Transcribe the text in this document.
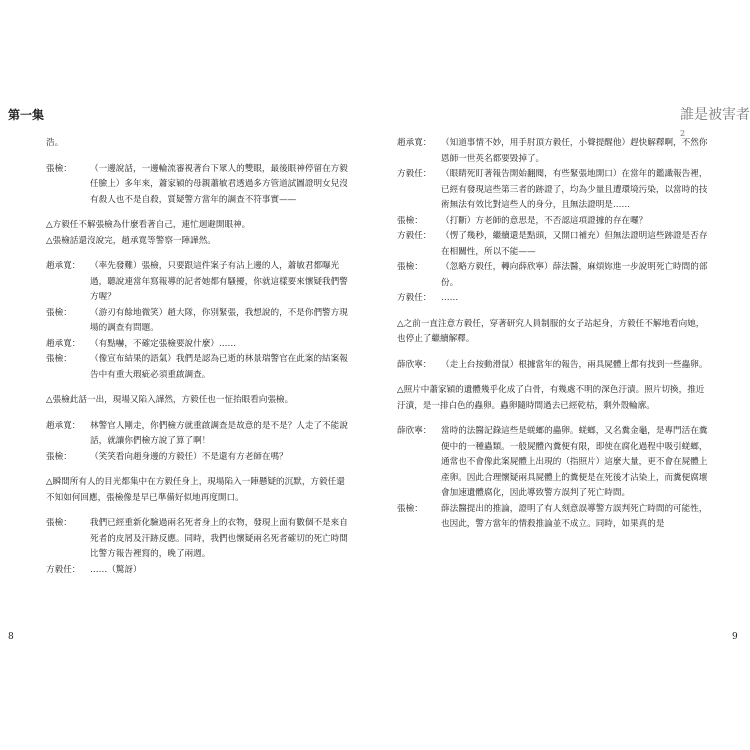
第一集

浩。

張檢：	（一邊說話，一邊輪流審視著台下眾人的雙眼，最後眼神停留在方毅任臉上）多年來，蕭家穎的母親蕭敏君透過多方管道試圖證明女兒沒有殺人也不是自殺，質疑警方當年的調查不符事實——

△方毅任不解張檢為什麼看著自己，連忙迴避開眼神。

△張檢話還沒說完，趙承寬等警察一陣譁然。

趙承寬：	（率先發難）張檢，只要跟這件案子有沾上邊的人，蕭敏君都曝光過，聽說連當年寫報導的記者她都有騷擾，你就這樣要來懷疑我們警方喔？
張檢：	（游刃有餘地微笑）趙大隊，你別緊張，我想說的，不是你們警方現場的調查有問題。
趙承寬：	（有點嚇，不確定張檢要說什麼）……
張檢：	（像宣布結果的語氣）我們是認為已逝的林景瑞警官在此案的結案報告中有重大瑕疵必須重啟調查。

△張檢此話一出，現場又陷入譁然，方毅任也一怔抬眼看向張檢。

趙承寬：	林警官人剛走，你們檢方就重啟調查是故意的是不是？人走了不能說話，就讓你們檢方說了算了啊！
張檢：	（笑笑看向趙身邊的方毅任）不是還有方老師在嗎？

△瞬間所有人的目光都集中在方毅任身上，現場陷入一陣懸疑的沉默，方毅任還不知如何回應，張檢像是早已準備好似地再度開口。

張檢：	我們已經重新化驗過兩名死者身上的衣物，發現上面有數個不是來自死者的皮屑及汗跡反應。同時，我們也懷疑兩名死者確切的死亡時間比警方報告裡寫的，晚了兩週。
方毅任：	……（驚訝）
8
誰是被害者2
趙承寬：	（知道事情不妙，用手肘頂方毅任，小聲提醒他）趕快解釋啊，不然你恩師一世英名都要毀掉了。
方毅任：	（眼睛死盯著報告開始翻閱，有些緊張地開口）在當年的鑑識報告裡，已經有發現這些第三者的跡證了，均為少量且遭環境污染，以當時的技術無法有效比對這些人的身分，且無法證明是……
張檢：	（打斷）方老師的意思是，不否認這項證據的存在囉？
方毅任：	（愣了幾秒，繼續還是點頭，又開口補充）但無法證明這些跡證是否存在相關性，所以不能——
張檢：	（忽略方毅任，轉向薛欣寧）薛法醫，麻煩妳進一步說明死亡時間的部份。
方毅任：	……

△之前一直注意方毅任，穿著研究人員制服的女子站起身，方毅任不解地看向她，也停止了繼續解釋。

薛欣寧：	（走上台按動滑鼠）根據當年的報告，兩具屍體上都有找到一些蟲卵。

△照片中蕭家穎的遺體幾乎化成了白骨，有幾處不明的深色汙漬。照片切換，推近汙漬，是一排白色的蟲卵。蟲卵隨時間過去已經乾枯，剩外殼輪廓。

薛欣寧：	當時的法醫記錄這些是蜣螂的蟲卵。蜣螂，又名糞金龜，是專門活在糞便中的一種蟲類。一般屍體內糞便有限，即使在腐化過程中吸引蜣螂，通常也不會像此案屍體上出現的（指照片）這麼大量，更不會在屍體上產卵。因此合理懷疑兩具屍體上的糞便是在死後才沾染上，而糞便腐壞會加速遺體腐化，因此導致警方誤判了死亡時間。
張檢：	薛法醫提出的推論，證明了有人刻意誤導警方誤判死亡時間的可能性，也因此，警方當年的情殺推論並不成立。同時，如果真的是
9
